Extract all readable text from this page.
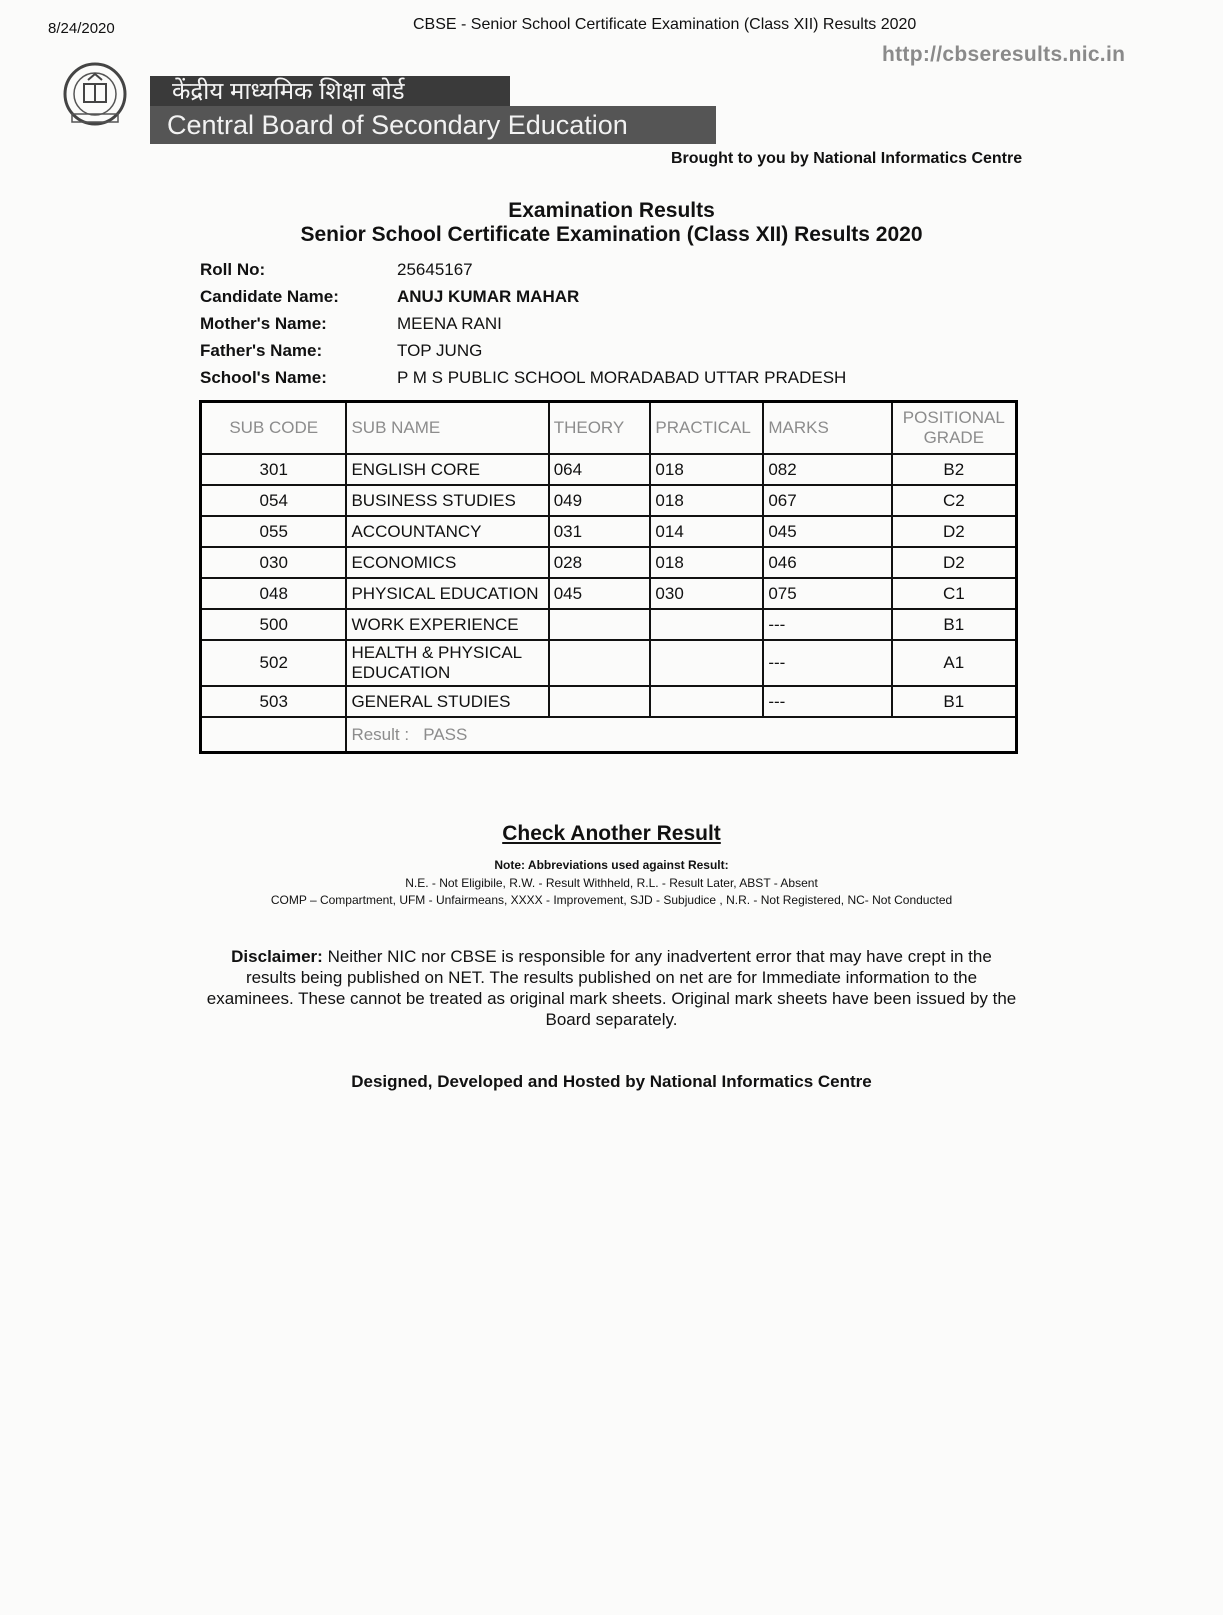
8/24/2020	CBSE - Senior School Certificate Examination (Class XII) Results 2020
http://cbseresults.nic.in
केंद्रीय माध्यमिक शिक्षा बोर्ड
Central Board of Secondary Education
Brought to you by National Informatics Centre
Examination Results
Senior School Certificate Examination (Class XII) Results 2020
Roll No:	25645167
Candidate Name:	ANUJ KUMAR MAHAR
Mother's Name:	MEENA RANI
Father's Name:	TOP JUNG
School's Name:	P M S PUBLIC SCHOOL MORADABAD UTTAR PRADESH
SUB CODE	SUB NAME	THEORY	PRACTICAL	MARKS	POSITIONAL GRADE
301	ENGLISH CORE	064	018	082	B2
054	BUSINESS STUDIES	049	018	067	C2
055	ACCOUNTANCY	031	014	045	D2
030	ECONOMICS	028	018	046	D2
048	PHYSICAL EDUCATION	045	030	075	C1
500	WORK EXPERIENCE			---	B1
502	HEALTH & PHYSICAL EDUCATION			---	A1
503	GENERAL STUDIES			---	B1
	Result : PASS				
Check Another Result
Note: Abbreviations used against Result:
N.E. - Not Eligibile, R.W. - Result Withheld, R.L. - Result Later, ABST - Absent
COMP – Compartment, UFM - Unfairmeans, XXXX - Improvement, SJD - Subjudice , N.R. - Not Registered, NC- Not Conducted
Disclaimer: Neither NIC nor CBSE is responsible for any inadvertent error that may have crept in the results being published on NET. The results published on net are for Immediate information to the examinees. These cannot be treated as original mark sheets. Original mark sheets have been issued by the Board separately.
Designed, Developed and Hosted by National Informatics Centre
